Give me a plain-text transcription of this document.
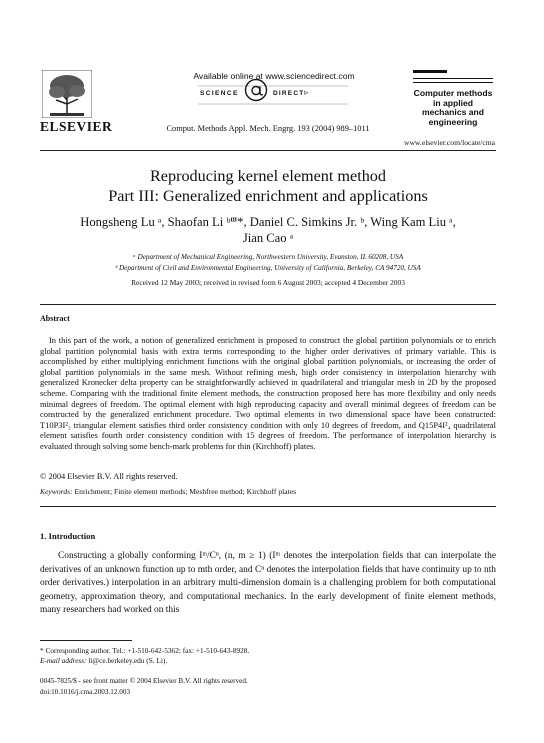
ELSEVIER
Available online at www.sciencedirect.com
SCIENCE	DIRECT▷
Comput. Methods Appl. Mech. Engrg. 193 (2004) 989–1011
Computer methods
in applied
mechanics and
engineering
www.elsevier.com/locate/cma
Reproducing kernel element method
Part III: Generalized enrichment and applications
Hongsheng Lu ᵃ, Shaofan Li ᵇⱎ*, Daniel C. Simkins Jr. ᵇ, Wing Kam Liu ᵃ,
Jian Cao ᵃ
ᵃ Department of Mechanical Engineering, Northwestern University, Evanston, IL 60208, USA
ᵇ Department of Civil and Environmental Engineering, University of California, Berkeley, CA 94720, USA
Received 12 May 2003; received in revised form 6 August 2003; accepted 4 December 2003
Abstract
In this part of the work, a notion of generalized enrichment is proposed to construct the global partition polynomials or to enrich global partition polynomial basis with extra terms corresponding to the higher order derivatives of primary variable. This is accomplished by either multiplying enrichment functions with the original global partition polynomials, or increasing the order of global partition polynomials in the same mesh. Without refining mesh, high order consistency in interpolation hierarchy with generalized Kronecker delta property can be straightforwardly achieved in quadrilateral and triangular mesh in 2D by the proposed scheme. Comparing with the traditional finite element methods, the construction proposed here has more flexibility and only needs minimal degrees of freedom. The optimal element with high reproducing capacity and overall minimal degrees of freedom can be constructed by the generalized enrichment procedure. Two optimal elements in two dimensional space have been constructed: T10P3I²₃ triangular element satisfies third order consistency condition with only 10 degrees of freedom, and Q15P4I²₄ quadrilateral element satisfies fourth order consistency condition with 15 degrees of freedom. The performance of interpolation hierarchy is evaluated through solving some bench-mark problems for thin (Kirchhoff) plates.
© 2004 Elsevier B.V. All rights reserved.
Keywords: Enrichment; Finite element methods; Meshfree method; Kirchhoff plates
1. Introduction
Constructing a globally conforming Iᵐ/Cⁿ, (n, m ≥ 1) (Iᵐ denotes the interpolation fields that can interpolate the derivatives of an unknown function up to mth order, and Cⁿ denotes the interpolation fields that have continuity up to nth order derivatives.) interpolation in an arbitrary multi-dimension domain is a challenging problem for both computational geometry, approximation theory, and computational mechanics. In the early development of finite element methods, many researchers had worked on this
* Corresponding author. Tel.: +1-510-642-5362; fax: +1-510-643-8928.
E-mail address: li@ce.berkeley.edu (S. Li).
0045-7825/$ - see front matter © 2004 Elsevier B.V. All rights reserved.
doi:10.1016/j.cma.2003.12.003
